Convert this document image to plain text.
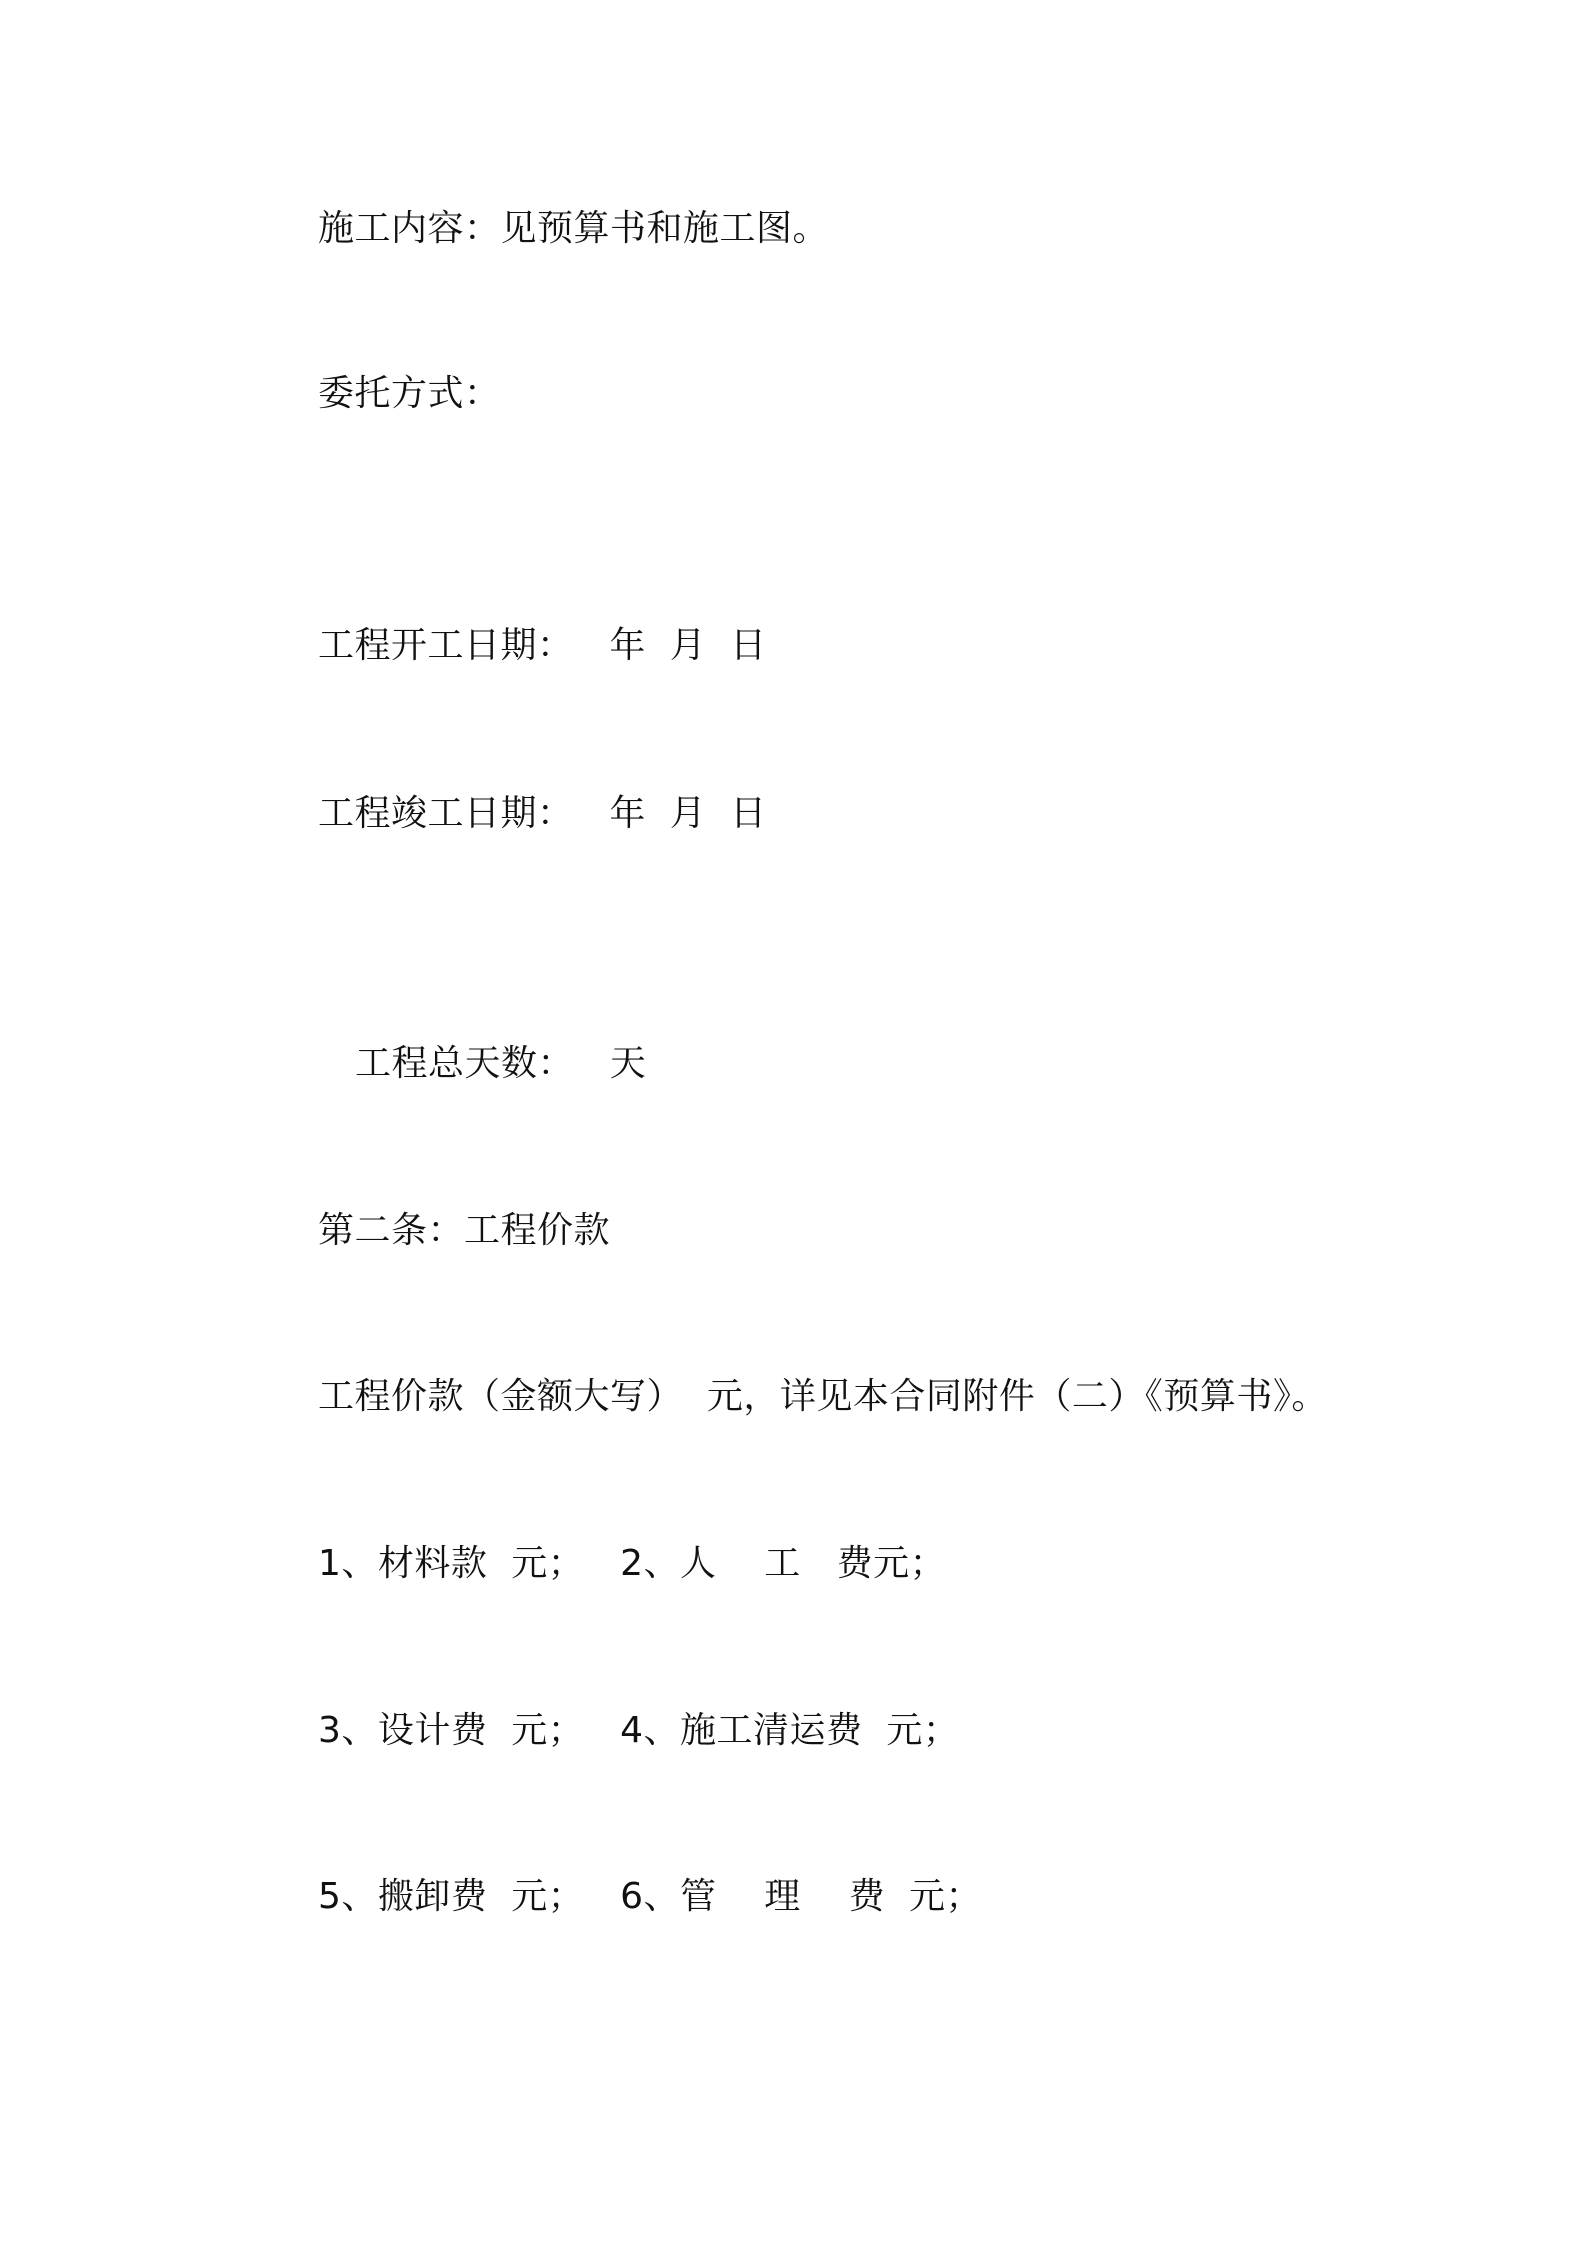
施工内容：见预算书和施工图。
委托方式：
工程开工日期：   年  月  日
工程竣工日期：   年  月  日
工程总天数：   天
第二条：工程价款
工程价款（金额大写）  元，详见本合同附件（二）《预算书》。
1、材料款  元；   2、人    工   费元；
3、设计费  元；   4、施工清运费  元；
5、搬卸费  元；   6、管    理    费  元；
